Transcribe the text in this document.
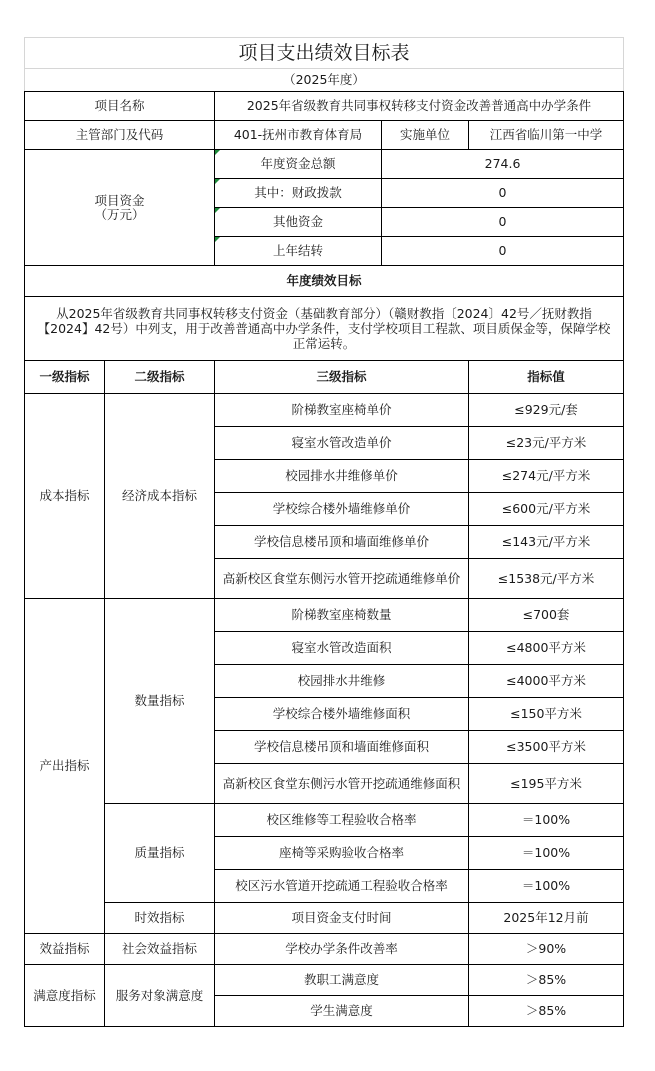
项目支出绩效目标表				
（2025年度）				
项目名称		2025年省级教育共同事权转移支付资金改善普通高中办学条件		
主管部门及代码		401-抚州市教育体育局	实施单位	江西省临川第一中学
项目资金
（万元）		年度资金总额	274.6	
		其中：财政拨款	0	
		其他资金	0	
		上年结转	0	
年度绩效目标				
从2025年省级教育共同事权转移支付资金（基础教育部分）（赣财教指〔2024〕42号／抚财教指【2024】42号）中列支，用于改善普通高中办学条件，支付学校项目工程款、项目质保金等，保障学校正常运转。				
一级指标	二级指标	三级指标		指标值
成本指标	经济成本指标	阶梯教室座椅单价		≤929元/套
		寝室水管改造单价		≤23元/平方米
		校园排水井维修单价		≤274元/平方米
		学校综合楼外墙维修单价		≤600元/平方米
		学校信息楼吊顶和墙面维修单价		≤143元/平方米
		高新校区食堂东侧污水管开挖疏通维修单价		≤1538元/平方米
产出指标	数量指标	阶梯教室座椅数量		≤700套
		寝室水管改造面积		≤4800平方米
		校园排水井维修		≤4000平方米
		学校综合楼外墙维修面积		≤150平方米
		学校信息楼吊顶和墙面维修面积		≤3500平方米
		高新校区食堂东侧污水管开挖疏通维修面积		≤195平方米
	质量指标	校区维修等工程验收合格率		＝100%
		座椅等采购验收合格率		＝100%
		校区污水管道开挖疏通工程验收合格率		＝100%
	时效指标	项目资金支付时间		2025年12月前
效益指标	社会效益指标	学校办学条件改善率		＞90%
满意度指标	服务对象满意度	教职工满意度		＞85%
		学生满意度		＞85%
